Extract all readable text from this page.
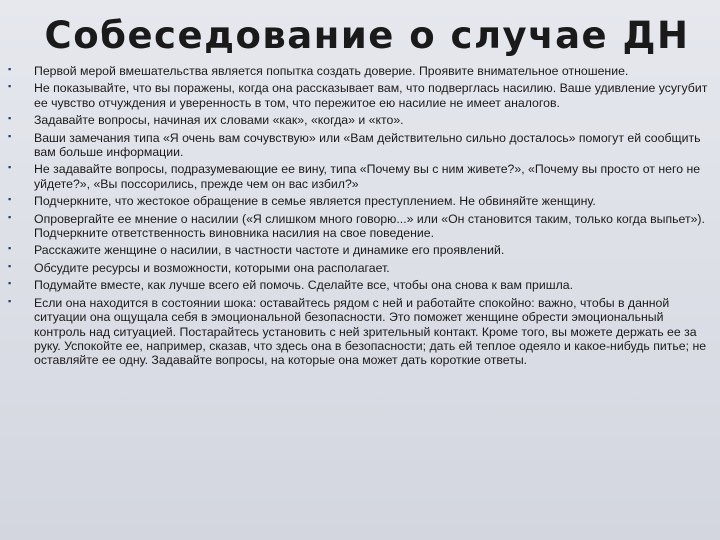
Собеседование о случае ДН
▪
Первой мерой вмешательства является попытка создать доверие. Проявите внимательное отношение.
▪
Не показывайте, что вы поражены, когда она рассказывает вам, что подверглась насилию. Ваше удивление усугубит ее чувство отчуждения и уверенность в том, что пережитое ею насилие не имеет аналогов.
▪
Задавайте вопросы, начиная их словами «как», «когда» и «кто».
▪
Ваши замечания типа «Я очень вам сочувствую» или «Вам действительно сильно досталось» помогут ей сообщить вам больше информации.
▪
Не задавайте вопросы, подразумевающие ее вину, типа «Почему вы с ним живете?», «Почему вы просто от него не уйдете?», «Вы поссорились, прежде чем он вас избил?»
▪
Подчеркните, что жестокое обращение в семье является преступлением. Не обвиняйте женщину.
▪
Опровергайте ее мнение о насилии («Я слишком много говорю...» или «Он становится таким, только когда выпьет»). Подчеркните ответственность виновника насилия на свое поведение.
▪
Расскажите женщине о насилии, в частности частоте и динамике его проявлений.
▪
Обсудите ресурсы и возможности, которыми она располагает.
▪
Подумайте вместе, как лучше всего ей помочь. Сделайте все, чтобы она снова к вам пришла.
▪
Если она находится в состоянии шока: оставайтесь рядом с ней и работайте спокойно: важно, чтобы в данной ситуации она ощущала себя в эмоциональной безопасности. Это поможет женщине обрести эмоциональный контроль над ситуацией. Постарайтесь установить с ней зрительный контакт. Кроме того, вы можете держать ее за руку. Успокойте ее, например, сказав, что здесь она в безопасности; дать ей теплое одеяло и какое-нибудь питье; не оставляйте ее одну. Задавайте вопросы, на которые она может дать короткие ответы.
